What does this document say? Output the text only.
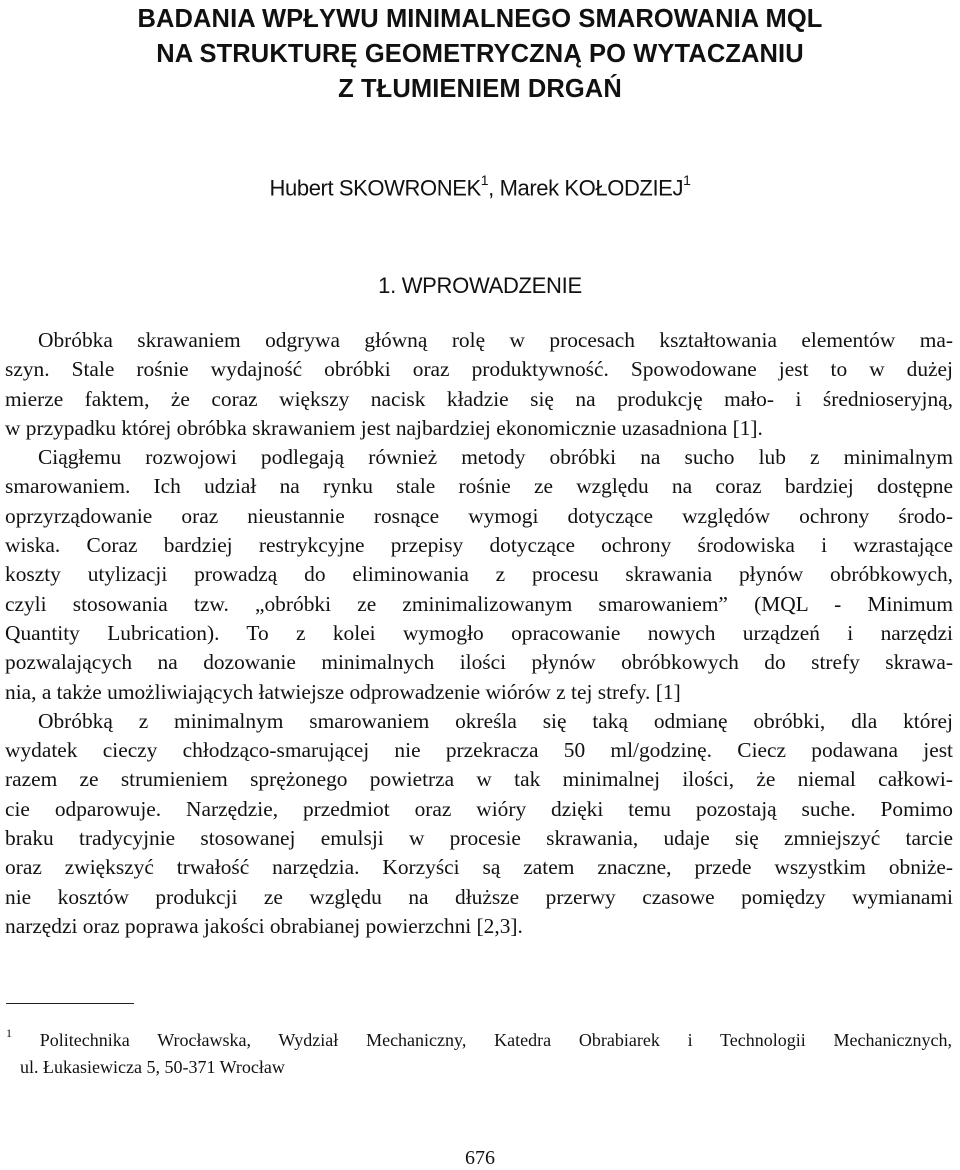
BADANIA WPŁYWU MINIMALNEGO SMAROWANIA MQL
NA STRUKTURĘ GEOMETRYCZNĄ PO WYTACZANIU
Z TŁUMIENIEM DRGAŃ
Hubert SKOWRONEK$^1$, Marek KOŁODZIEJ$^1$
1. WPROWADZENIE

Obróbka skrawaniem odgrywa główną rolę w procesach kształtowania elementów ma-
szyn. Stale rośnie wydajność obróbki oraz produktywność. Spowodowane jest to w dużej
mierze faktem, że coraz większy nacisk kładzie się na produkcję mało- i średnioseryjną,
w przypadku której obróbka skrawaniem jest najbardziej ekonomicznie uzasadniona [1].

Ciągłemu rozwojowi podlegają również metody obróbki na sucho lub z minimalnym
smarowaniem. Ich udział na rynku stale rośnie ze względu na coraz bardziej dostępne
oprzyrządowanie oraz nieustannie rosnące wymogi dotyczące względów ochrony środo-
wiska. Coraz bardziej restrykcyjne przepisy dotyczące ochrony środowiska i wzrastające
koszty utylizacji prowadzą do eliminowania z procesu skrawania płynów obróbkowych,
czyli stosowania tzw. „obróbki ze zminimalizowanym smarowaniem” (MQL - Minimum
Quantity Lubrication). To z kolei wymogło opracowanie nowych urządzeń i narzędzi
pozwalających na dozowanie minimalnych ilości płynów obróbkowych do strefy skrawa-
nia, a także umożliwiających łatwiejsze odprowadzenie wiórów z tej strefy. [1]

Obróbką z minimalnym smarowaniem określa się taką odmianę obróbki, dla której
wydatek cieczy chłodząco-smarującej nie przekracza 50 ml/godzinę. Ciecz podawana jest
razem ze strumieniem sprężonego powietrza w tak minimalnej ilości, że niemal całkowi-
cie odparowuje. Narzędzie, przedmiot oraz wióry dzięki temu pozostają suche. Pomimo
braku tradycyjnie stosowanej emulsji w procesie skrawania, udaje się zmniejszyć tarcie
oraz zwiększyć trwałość narzędzia. Korzyści są zatem znaczne, przede wszystkim obniże-
nie kosztów produkcji ze względu na dłuższe przerwy czasowe pomiędzy wymianami
narzędzi oraz poprawa jakości obrabianej powierzchni [2,3].

$^1$ Politechnika Wrocławska, Wydział Mechaniczny, Katedra Obrabiarek i Technologii Mechanicznych,
ul. Łukasiewicza 5, 50-371 Wrocław
676
